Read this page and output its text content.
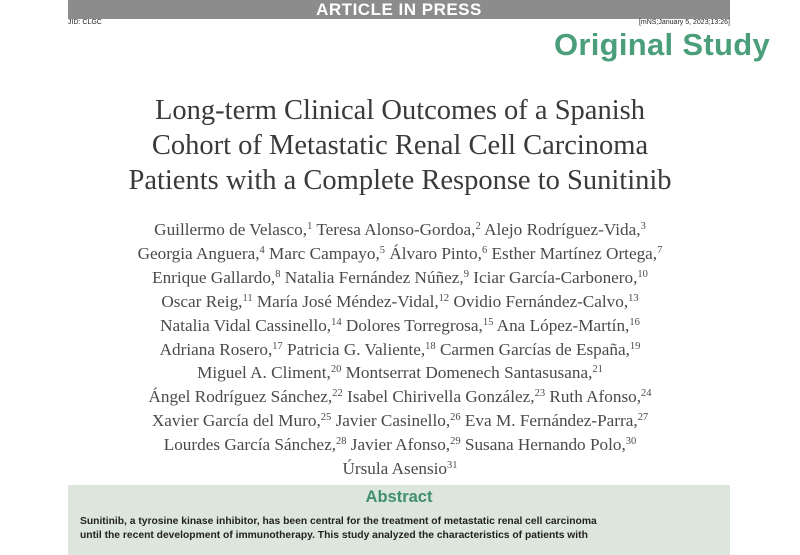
ARTICLE IN PRESS
JID: CLGC	[mNS;January 5, 2023;13:26]
Original Study
Long-term Clinical Outcomes of a Spanish
Cohort of Metastatic Renal Cell Carcinoma
Patients with a Complete Response to Sunitinib
Guillermo de Velasco,$^1$ Teresa Alonso-Gordoa,$^2$ Alejo Rodríguez-Vida,$^3$
Georgia Anguera,$^4$ Marc Campayo,$^5$ Álvaro Pinto,$^6$ Esther Martínez Ortega,$^7$
Enrique Gallardo,$^8$ Natalia Fernández Núñez,$^9$ Iciar García-Carbonero,$^{10}$
Oscar Reig,$^{11}$ María José Méndez-Vidal,$^{12}$ Ovidio Fernández-Calvo,$^{13}$
Natalia Vidal Cassinello,$^{14}$ Dolores Torregrosa,$^{15}$ Ana López-Martín,$^{16}$
Adriana Rosero,$^{17}$ Patricia G. Valiente,$^{18}$ Carmen Garcías de España,$^{19}$
Miguel A. Climent,$^{20}$ Montserrat Domenech Santasusana,$^{21}$
Ángel Rodríguez Sánchez,$^{22}$ Isabel Chirivella González,$^{23}$ Ruth Afonso,$^{24}$
Xavier García del Muro,$^{25}$ Javier Casinello,$^{26}$ Eva M. Fernández-Parra,$^{27}$
Lourdes García Sánchez,$^{28}$ Javier Afonso,$^{29}$ Susana Hernando Polo,$^{30}$
Úrsula Asensio$^{31}$
Abstract
Sunitinib, a tyrosine kinase inhibitor, has been central for the treatment of metastatic renal cell carcinoma
until the recent development of immunotherapy. This study analyzed the characteristics of patients with
